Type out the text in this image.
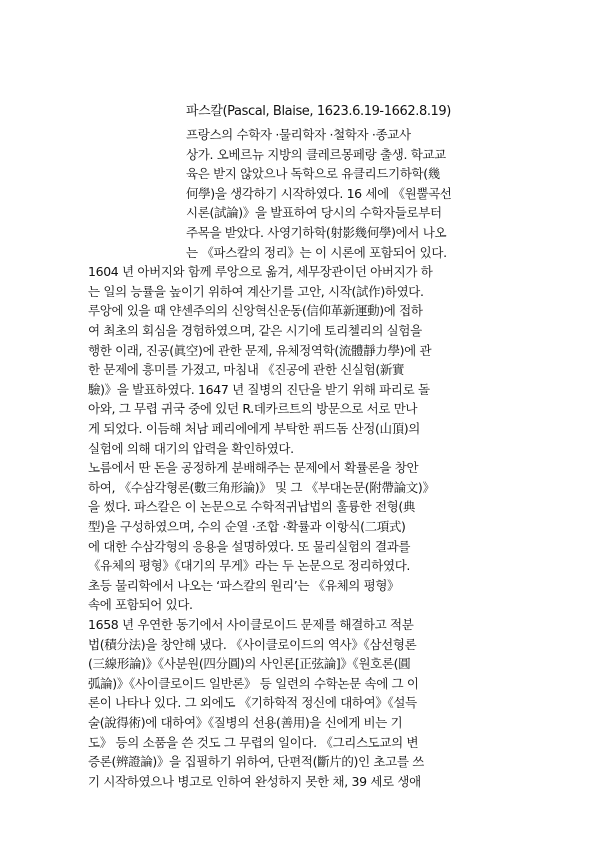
파스칼(Pascal, Blaise, 1623.6.19-1662.8.19)
프랑스의 수학자 ·물리학자 ·철학자 ·종교사
상가. 오베르뉴 지방의 클레르몽페랑 출생. 학교교
육은 받지 않았으나 독학으로 유클리드기하학(幾
何學)을 생각하기 시작하였다. 16 세에 《원뿔곡선
시론(試論)》을 발표하여 당시의 수학자들로부터
주목을 받았다. 사영기하학(射影幾何學)에서 나오
는 《파스칼의 정리》는 이 시론에 포함되어 있다.
1604 년 아버지와 함께 루앙으로 옮겨, 세무장관이던 아버지가 하
는 일의 능률을 높이기 위하여 계산기를 고안, 시작(試作)하였다.
루앙에 있을 때 얀센주의의 신앙혁신운동(信仰革新運動)에 접하
여 최초의 회심을 경험하였으며, 같은 시기에 토리첼리의 실험을
행한 이래, 진공(眞空)에 관한 문제, 유체정역학(流體靜力學)에 관
한 문제에 흥미를 가졌고, 마침내 《진공에 관한 신실험(新實
驗)》을 발표하였다. 1647 년 질병의 진단을 받기 위해 파리로 돌
아와, 그 무렵 귀국 중에 있던 R.데카르트의 방문으로 서로 만나
게 되었다. 이듬해 처남 페리에에게 부탁한 퓌드돔 산정(山頂)의
실험에 의해 대기의 압력을 확인하였다.
노름에서 딴 돈을 공정하게 분배해주는 문제에서 확률론을 창안
하여, 《수삼각형론(數三角形論)》 및 그 《부대논문(附帶論文)》
을 썼다. 파스칼은 이 논문으로 수학적귀납법의 훌륭한 전형(典
型)을 구성하였으며, 수의 순열 ·조합 ·확률과 이항식(二項式)
에 대한 수삼각형의 응용을 설명하였다. 또 물리실험의 결과를
《유체의 평형》《대기의 무게》라는 두 논문으로 정리하였다.
초등 물리학에서 나오는 ‘파스칼의 원리’는 《유체의 평형》
속에 포함되어 있다.
1658 년 우연한 동기에서 사이클로이드 문제를 해결하고 적분
법(積分法)을 창안해 냈다. 《사이클로이드의 역사》《삼선형론
(三線形論)》《사분원(四分圓)의 사인론[正弦論]》《원호론(圓
弧論)》《사이클로이드 일반론》 등 일련의 수학논문 속에 그 이
론이 나타나 있다. 그 외에도 《기하학적 정신에 대하여》《설득
술(說得術)에 대하여》《질병의 선용(善用)을 신에게 비는 기
도》 등의 소품을 쓴 것도 그 무렵의 일이다. 《그리스도교의 변
증론(辨證論)》을 집필하기 위하여, 단편적(斷片的)인 초고를 쓰
기 시작하였으나 병고로 인하여 완성하지 못한 채, 39 세로 생애
